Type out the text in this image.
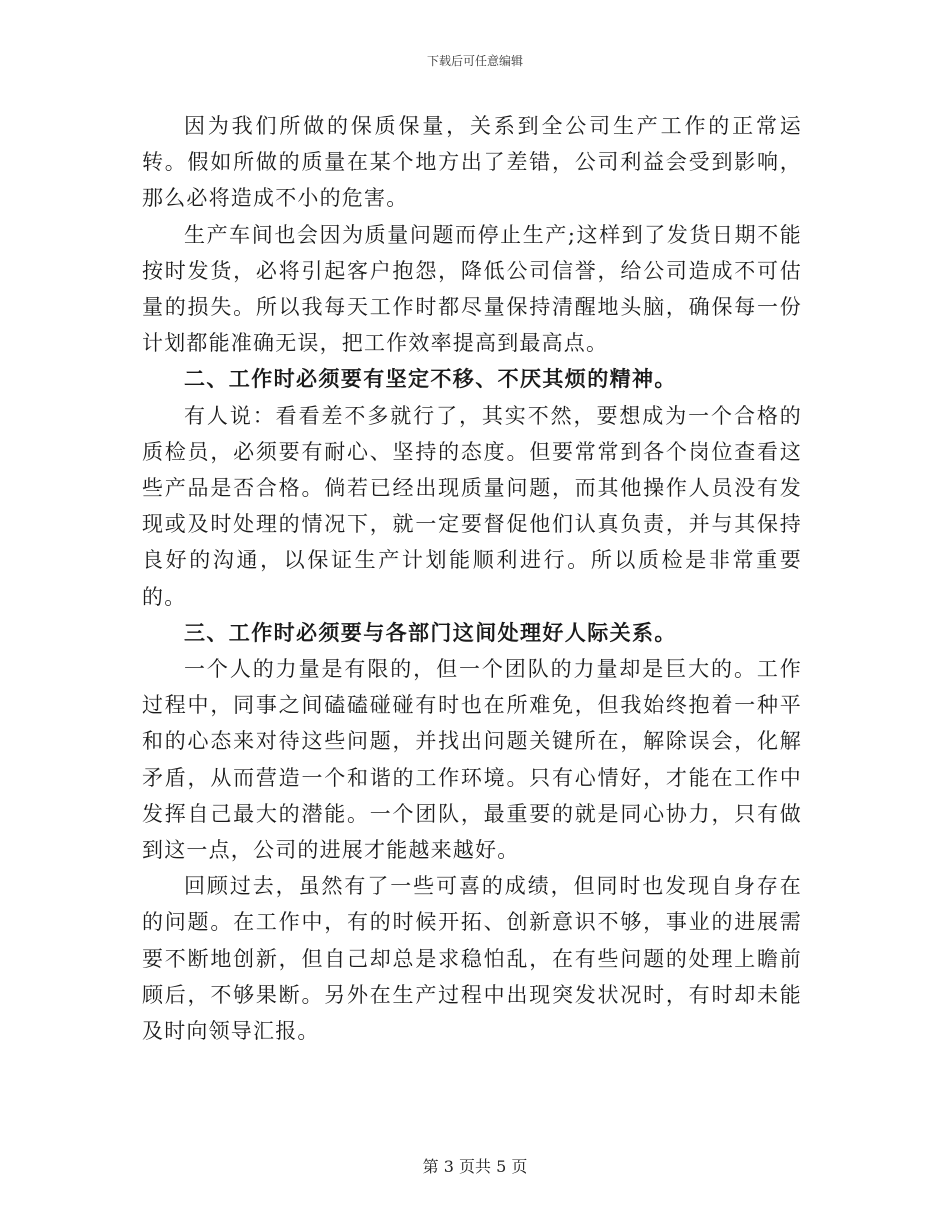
下载后可任意编辑

因为我们所做的保质保量，关系到全公司生产工作的正常运转。假如所做的质量在某个地方出了差错，公司利益会受到影响，那么必将造成不小的危害。

生产车间也会因为质量问题而停止生产;这样到了发货日期不能按时发货，必将引起客户抱怨，降低公司信誉，给公司造成不可估量的损失。所以我每天工作时都尽量保持清醒地头脑，确保每一份计划都能准确无误，把工作效率提高到最高点。

二、工作时必须要有坚定不移、不厌其烦的精神。

有人说：看看差不多就行了，其实不然，要想成为一个合格的质检员，必须要有耐心、坚持的态度。但要常常到各个岗位查看这些产品是否合格。倘若已经出现质量问题，而其他操作人员没有发现或及时处理的情况下，就一定要督促他们认真负责，并与其保持良好的沟通，以保证生产计划能顺利进行。所以质检是非常重要的。

三、工作时必须要与各部门这间处理好人际关系。

一个人的力量是有限的，但一个团队的力量却是巨大的。工作过程中，同事之间磕磕碰碰有时也在所难免，但我始终抱着一种平和的心态来对待这些问题，并找出问题关键所在，解除误会，化解矛盾，从而营造一个和谐的工作环境。只有心情好，才能在工作中发挥自己最大的潜能。一个团队，最重要的就是同心协力，只有做到这一点，公司的进展才能越来越好。

回顾过去，虽然有了一些可喜的成绩，但同时也发现自身存在的问题。在工作中，有的时候开拓、创新意识不够，事业的进展需要不断地创新，但自己却总是求稳怕乱，在有些问题的处理上瞻前顾后，不够果断。另外在生产过程中出现突发状况时，有时却未能及时向领导汇报。

第 3 页共 5 页
